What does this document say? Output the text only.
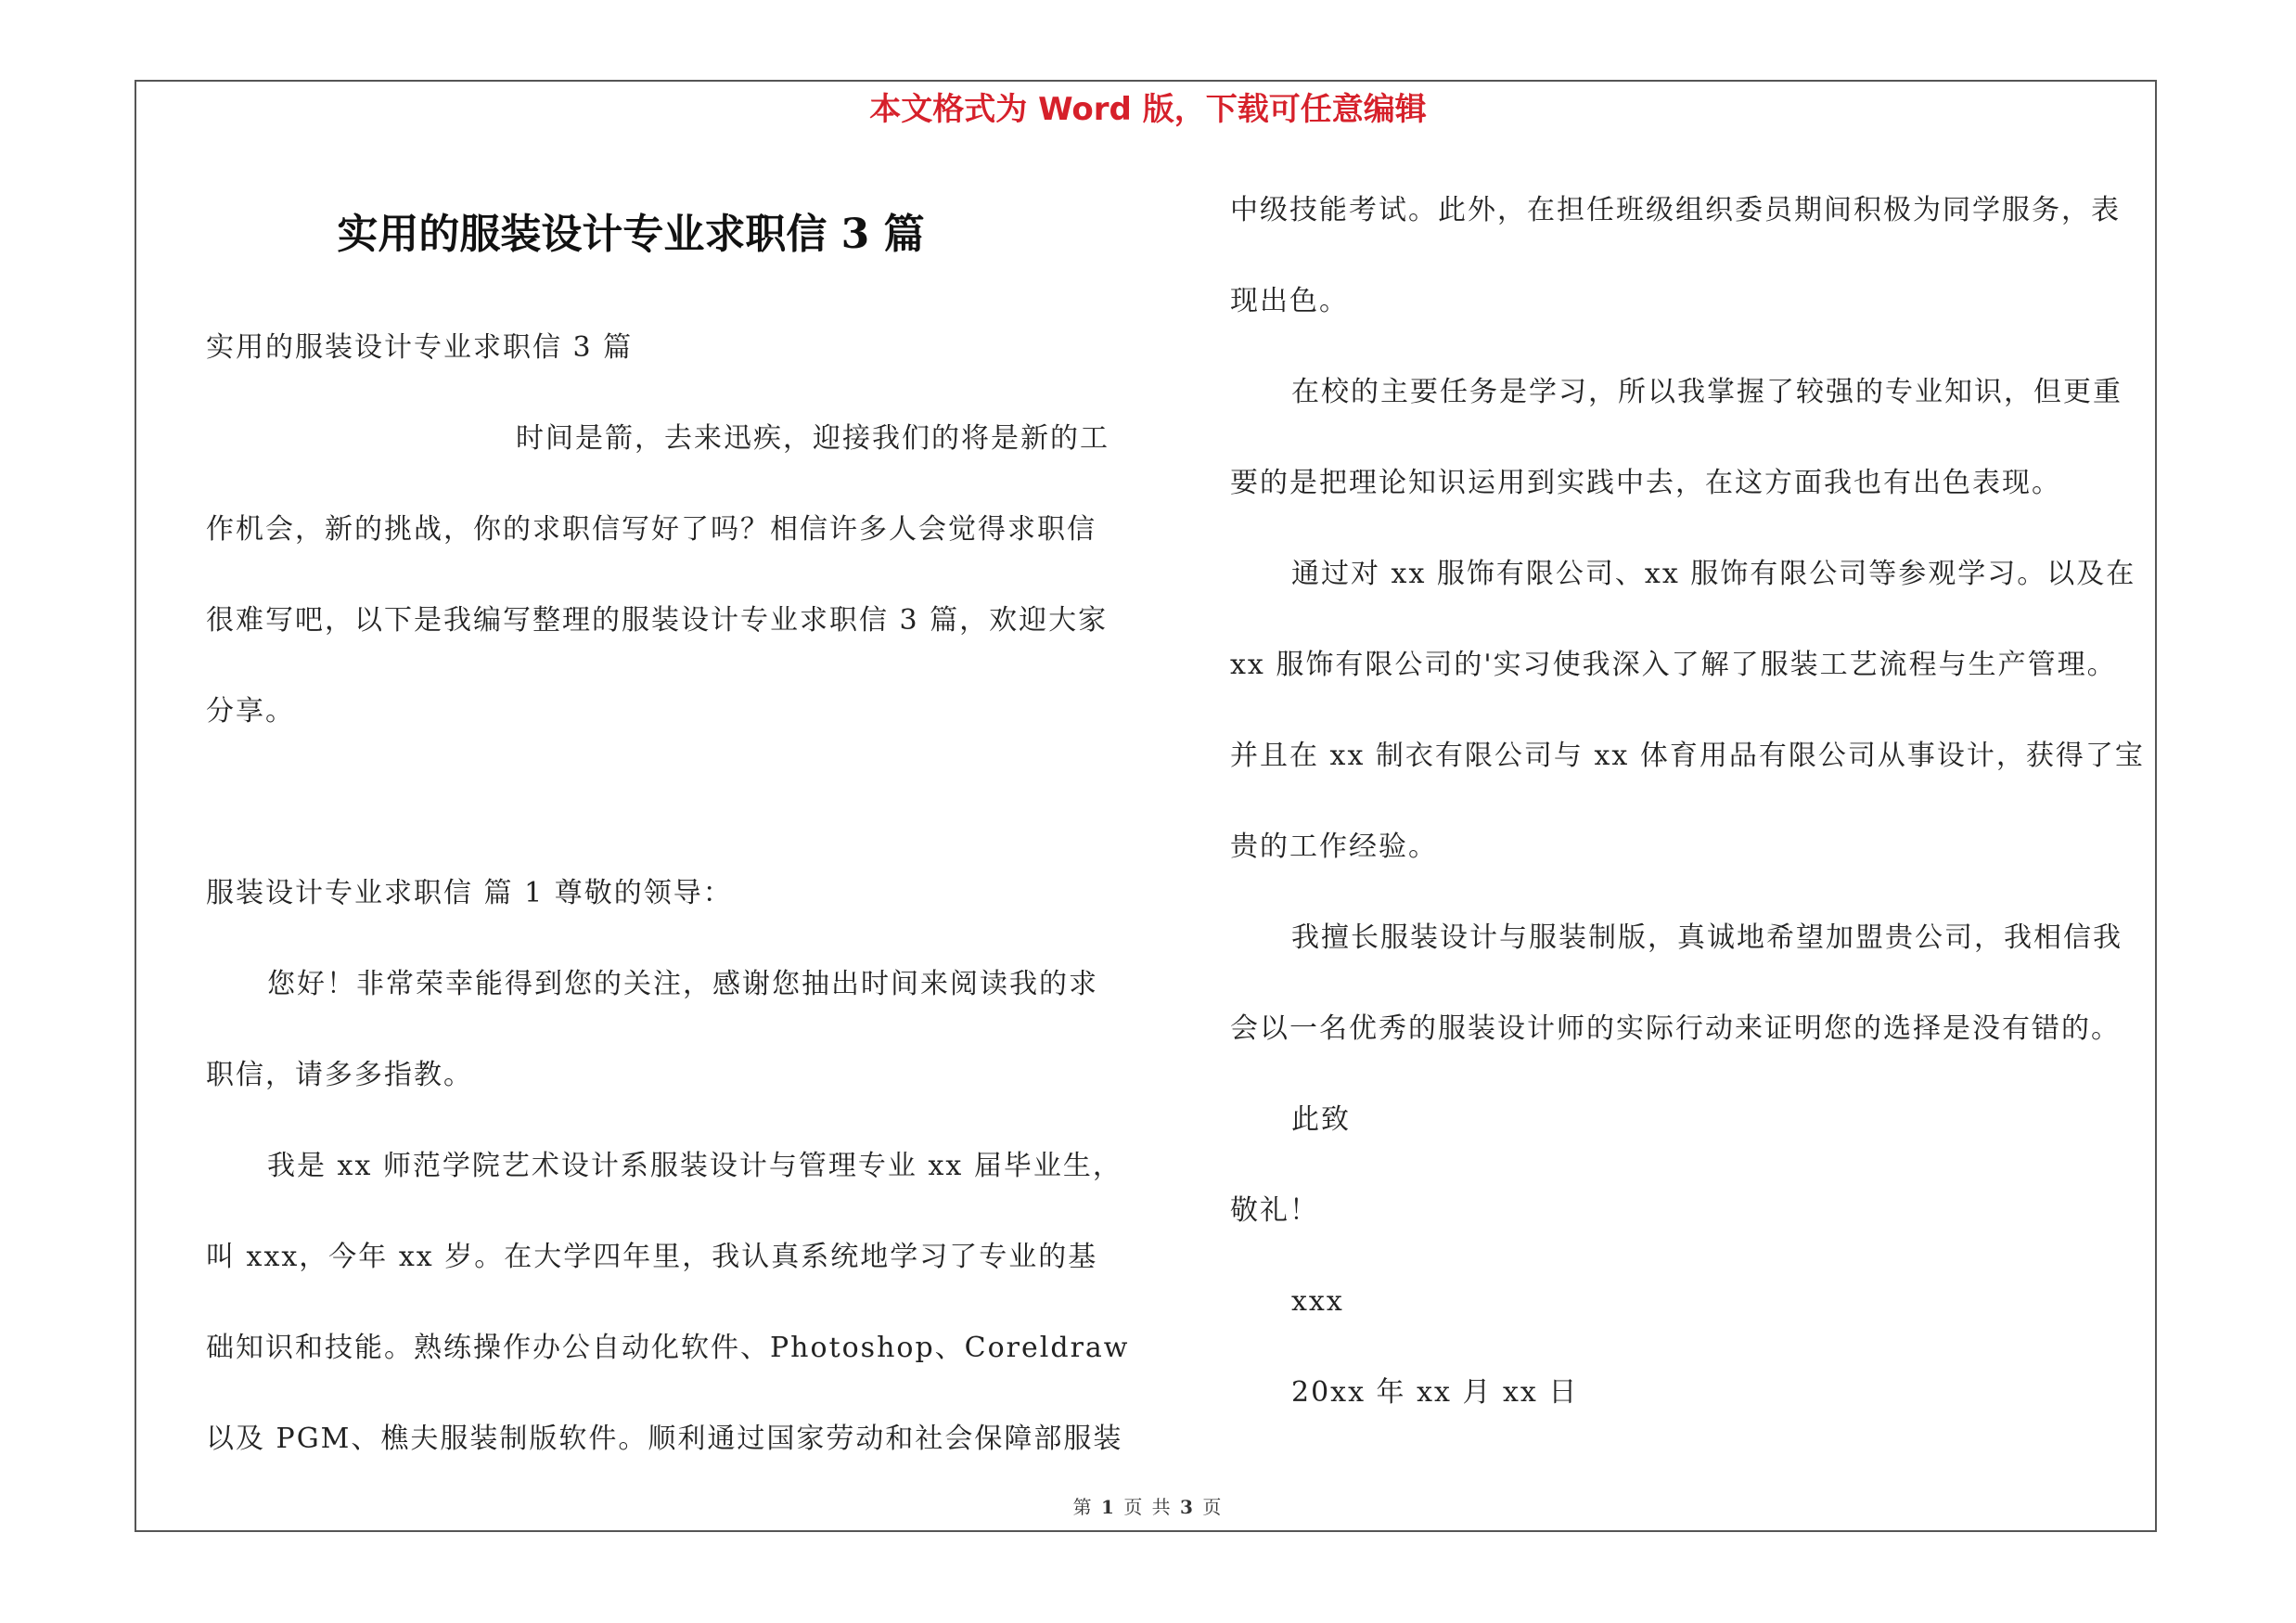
本文格式为 Word 版，下载可任意编辑
实用的服装设计专业求职信 3 篇
实用的服装设计专业求职信 3 篇
时间是箭，去来迅疾，迎接我们的将是新的工
作机会，新的挑战，你的求职信写好了吗？相信许多人会觉得求职信
很难写吧，以下是我编写整理的服装设计专业求职信 3 篇，欢迎大家
分享。
服装设计专业求职信 篇 1 尊敬的领导：
您好！非常荣幸能得到您的关注，感谢您抽出时间来阅读我的求
职信，请多多指教。
我是 xx 师范学院艺术设计系服装设计与管理专业 xx 届毕业生，
叫 xxx，今年 xx 岁。在大学四年里，我认真系统地学习了专业的基
础知识和技能。熟练操作办公自动化软件、Photoshop、Coreldraw
以及 PGM、樵夫服装制版软件。顺利通过国家劳动和社会保障部服装
中级技能考试。此外，在担任班级组织委员期间积极为同学服务，表
现出色。
在校的主要任务是学习，所以我掌握了较强的专业知识，但更重
要的是把理论知识运用到实践中去，在这方面我也有出色表现。
通过对 xx 服饰有限公司、xx 服饰有限公司等参观学习。以及在
xx 服饰有限公司的'实习使我深入了解了服装工艺流程与生产管理。
并且在 xx 制衣有限公司与 xx 体育用品有限公司从事设计，获得了宝
贵的工作经验。
我擅长服装设计与服装制版，真诚地希望加盟贵公司，我相信我
会以一名优秀的服装设计师的实际行动来证明您的选择是没有错的。
此致
敬礼！
xxx
20xx 年 xx 月 xx 日
第 1 页 共 3 页
